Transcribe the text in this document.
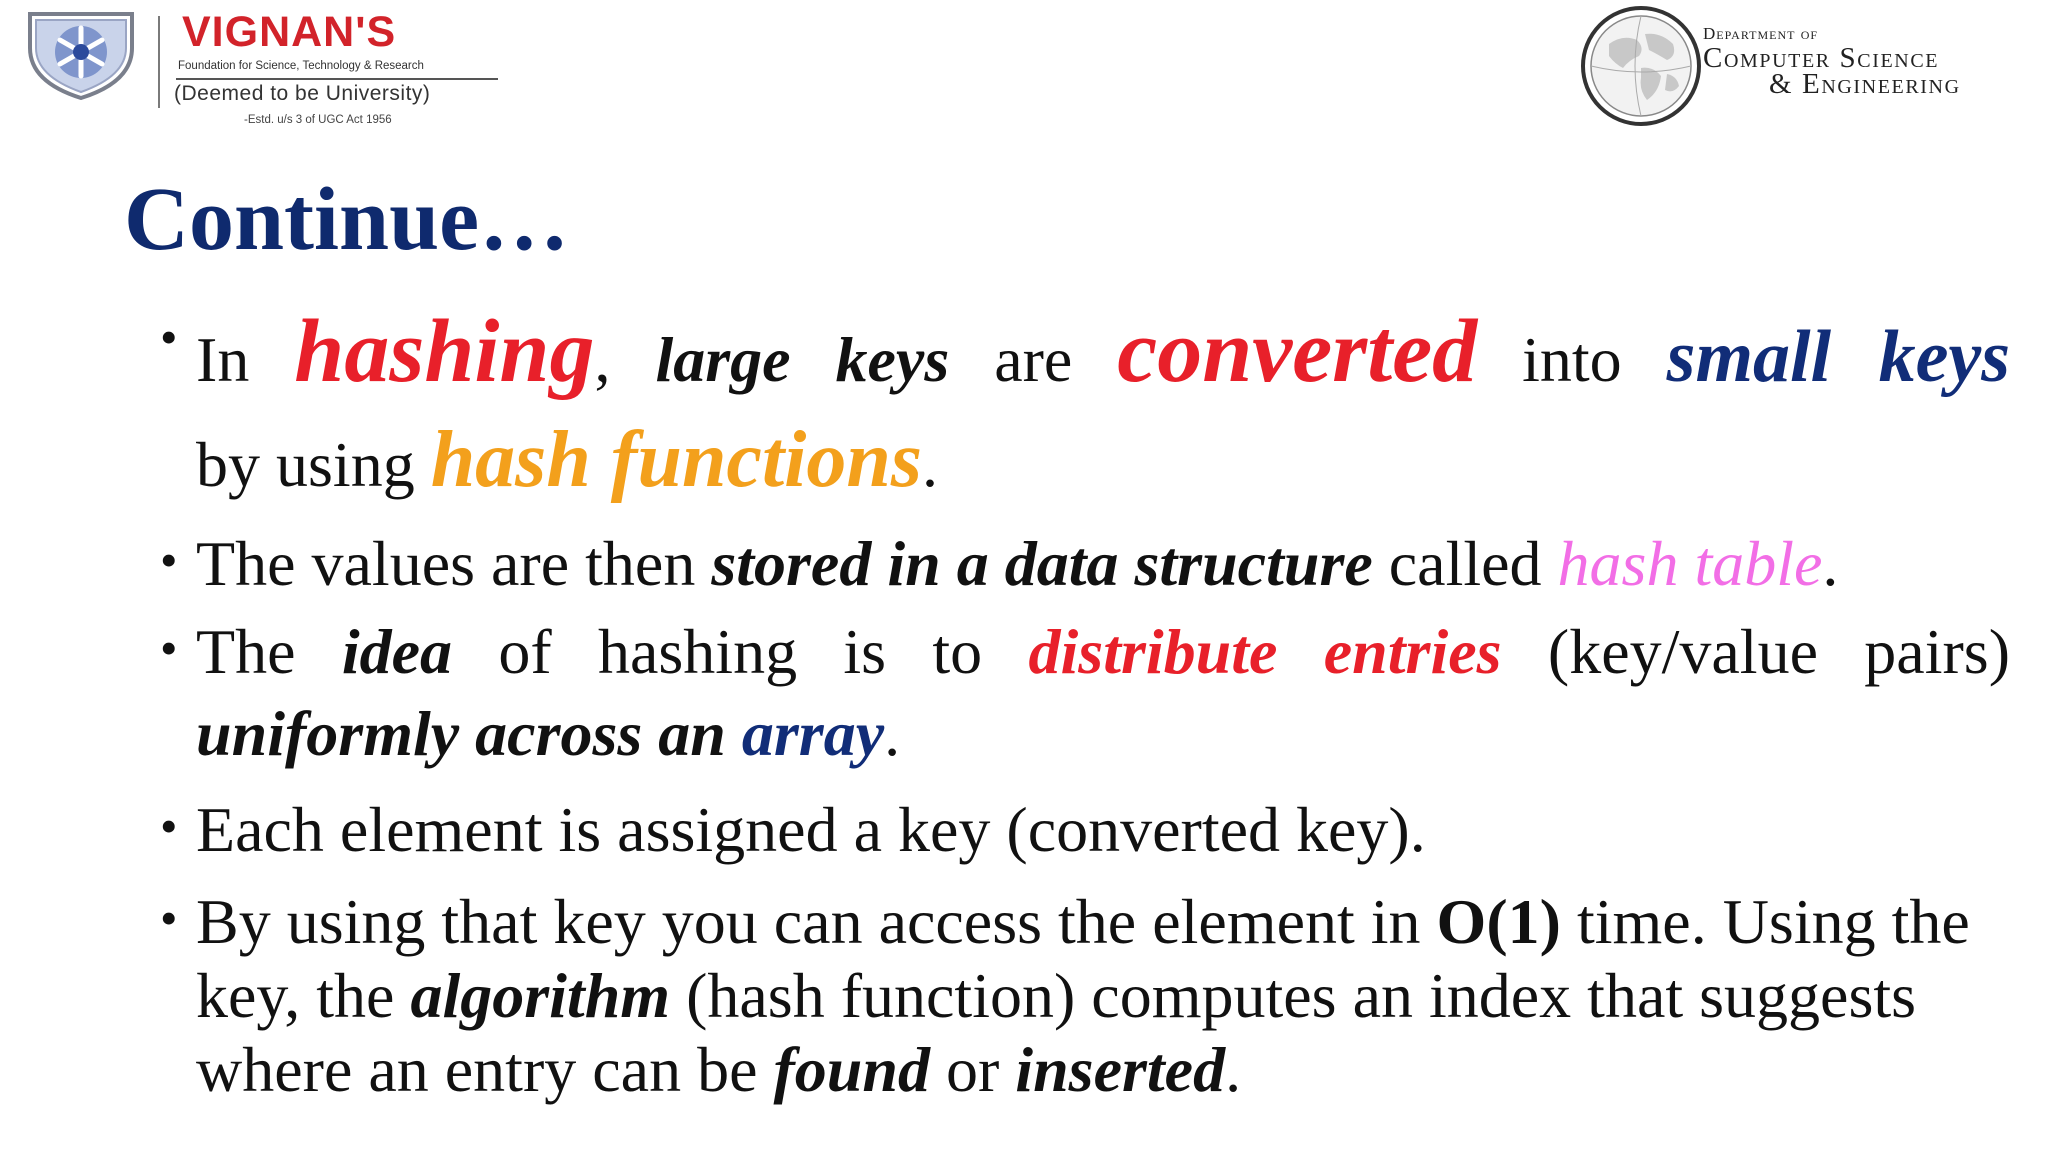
VIGNAN'S
Foundation for Science, Technology & Research
(Deemed to be University)
-Estd. u/s 3 of UGC Act 1956
Department of
Computer Science
& Engineering
Continue…
• In hashing, large keys are converted into small keys
by using hash functions.
• The values are then stored in a data structure called hash table.
• The idea of hashing is to distribute entries (key/value pairs)
uniformly across an array.
• Each element is assigned a key (converted key).
• By using that key you can access the element in O(1) time. Using the key, the algorithm (hash function) computes an index that suggests where an entry can be found or inserted.
